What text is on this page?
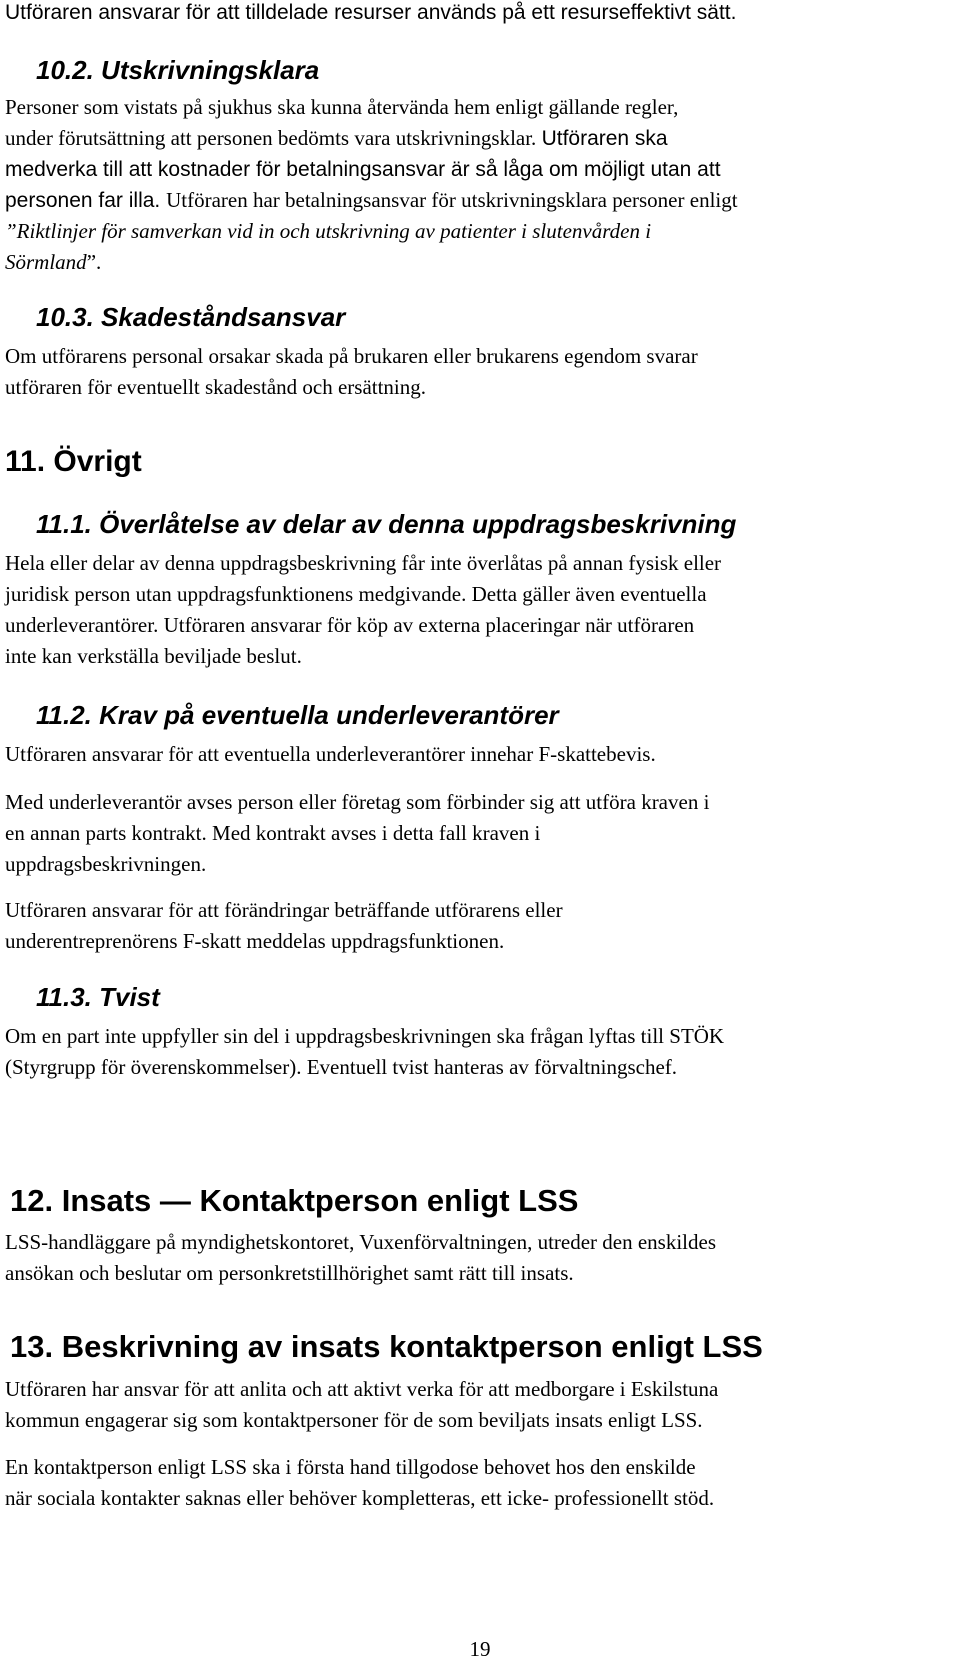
Utföraren ansvarar för att tilldelade resurser används på ett resurseffektivt sätt.
10.2. Utskrivningsklara
Personer som vistats på sjukhus ska kunna återvända hem enligt gällande regler,
under förutsättning att personen bedömts vara utskrivningsklar. Utföraren ska
medverka till att kostnader för betalningsansvar är så låga om möjligt utan att
personen far illa. Utföraren har betalningsansvar för utskrivningsklara personer enligt
”Riktlinjer för samverkan vid in och utskrivning av patienter i slutenvården i
Sörmland”.
10.3. Skadeståndsansvar
Om utförarens personal orsakar skada på brukaren eller brukarens egendom svarar
utföraren för eventuellt skadestånd och ersättning.
11. Övrigt
11.1. Överlåtelse av delar av denna uppdragsbeskrivning
Hela eller delar av denna uppdragsbeskrivning får inte överlåtas på annan fysisk eller
juridisk person utan uppdragsfunktionens medgivande. Detta gäller även eventuella
underleverantörer. Utföraren ansvarar för köp av externa placeringar när utföraren
inte kan verkställa beviljade beslut.
11.2. Krav på eventuella underleverantörer
Utföraren ansvarar för att eventuella underleverantörer innehar F-skattebevis.
Med underleverantör avses person eller företag som förbinder sig att utföra kraven i
en annan parts kontrakt. Med kontrakt avses i detta fall kraven i
uppdragsbeskrivningen.
Utföraren ansvarar för att förändringar beträffande utförarens eller
underentreprenörens F-skatt meddelas uppdragsfunktionen.
11.3. Tvist
Om en part inte uppfyller sin del i uppdragsbeskrivningen ska frågan lyftas till STÖK
(Styrgrupp för överenskommelser). Eventuell tvist hanteras av förvaltningschef.
12. Insats — Kontaktperson enligt LSS
LSS-handläggare på myndighetskontoret, Vuxenförvaltningen, utreder den enskildes
ansökan och beslutar om personkretstillhörighet samt rätt till insats.
13. Beskrivning av insats kontaktperson enligt LSS
Utföraren har ansvar för att anlita och att aktivt verka för att medborgare i Eskilstuna
kommun engagerar sig som kontaktpersoner för de som beviljats insats enligt LSS.
En kontaktperson enligt LSS ska i första hand tillgodose behovet hos den enskilde
när sociala kontakter saknas eller behöver kompletteras, ett icke- professionellt stöd.
19
